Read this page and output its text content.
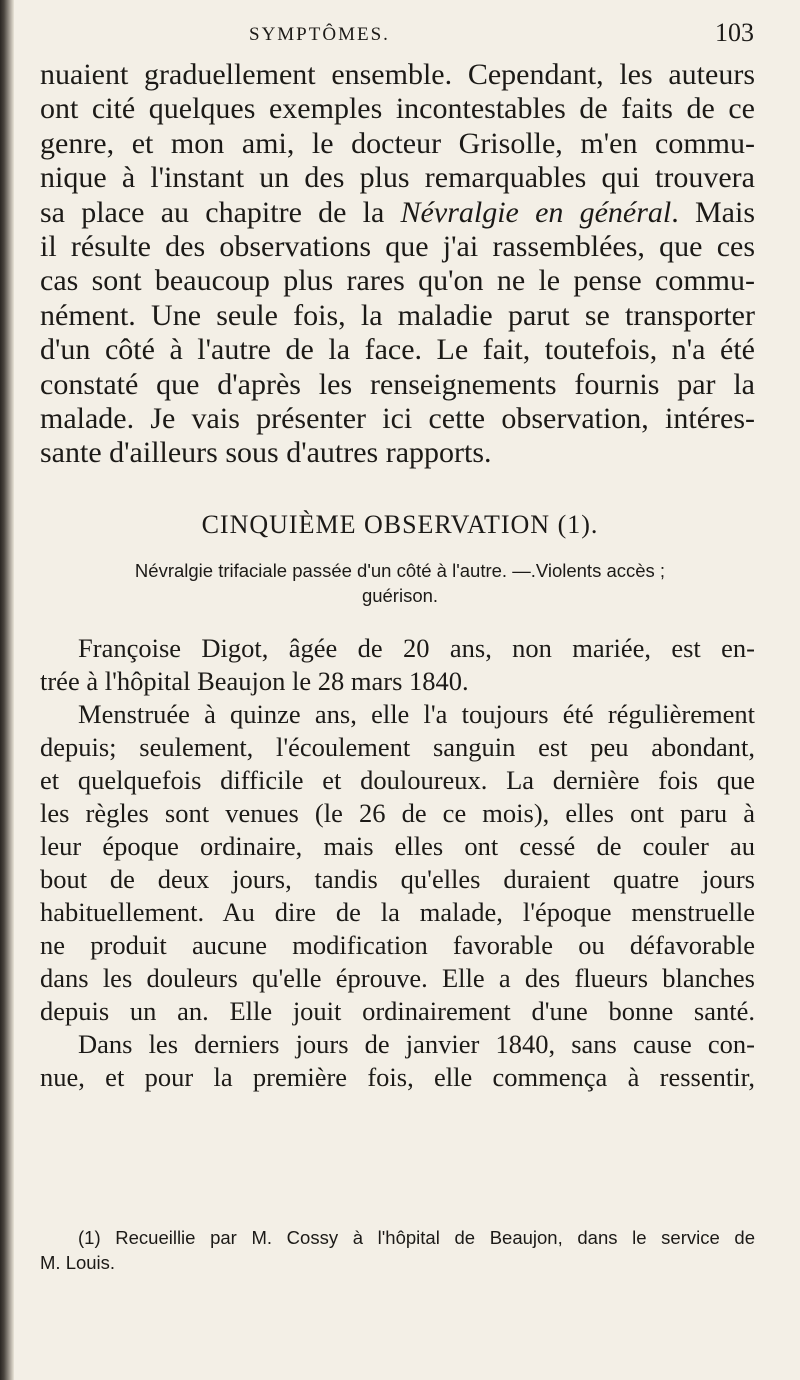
SYMPTÔMES.	103
nuaient graduellement ensemble. Cependant, les auteurs
ont cité quelques exemples incontestables de faits de ce
genre, et mon ami, le docteur Grisolle, m'en commu-
nique à l'instant un des plus remarquables qui trouvera
sa place au chapitre de la Névralgie en général. Mais
il résulte des observations que j'ai rassemblées, que ces
cas sont beaucoup plus rares qu'on ne le pense commu-
nément. Une seule fois, la maladie parut se transporter
d'un côté à l'autre de la face. Le fait, toutefois, n'a été
constaté que d'après les renseignements fournis par la
malade. Je vais présenter ici cette observation, intéres-
sante d'ailleurs sous d'autres rapports.
CINQUIÈME OBSERVATION (1).
Névralgie trifaciale passée d'un côté à l'autre. —.Violents accès ;
guérison.
Françoise Digot, âgée de 20 ans, non mariée, est en-
trée à l'hôpital Beaujon le 28 mars 1840.
Menstruée à quinze ans, elle l'a toujours été régulièrement
depuis; seulement, l'écoulement sanguin est peu abondant,
et quelquefois difficile et douloureux. La dernière fois que
les règles sont venues (le 26 de ce mois), elles ont paru à
leur époque ordinaire, mais elles ont cessé de couler au
bout de deux jours, tandis qu'elles duraient quatre jours
habituellement. Au dire de la malade, l'époque menstruelle
ne produit aucune modification favorable ou défavorable
dans les douleurs qu'elle éprouve. Elle a des flueurs blanches
depuis un an. Elle jouit ordinairement d'une bonne santé.
Dans les derniers jours de janvier 1840, sans cause con-
nue, et pour la première fois, elle commença à ressentir,
(1) Recueillie par M. Cossy à l'hôpital de Beaujon, dans le service de
M. Louis.
